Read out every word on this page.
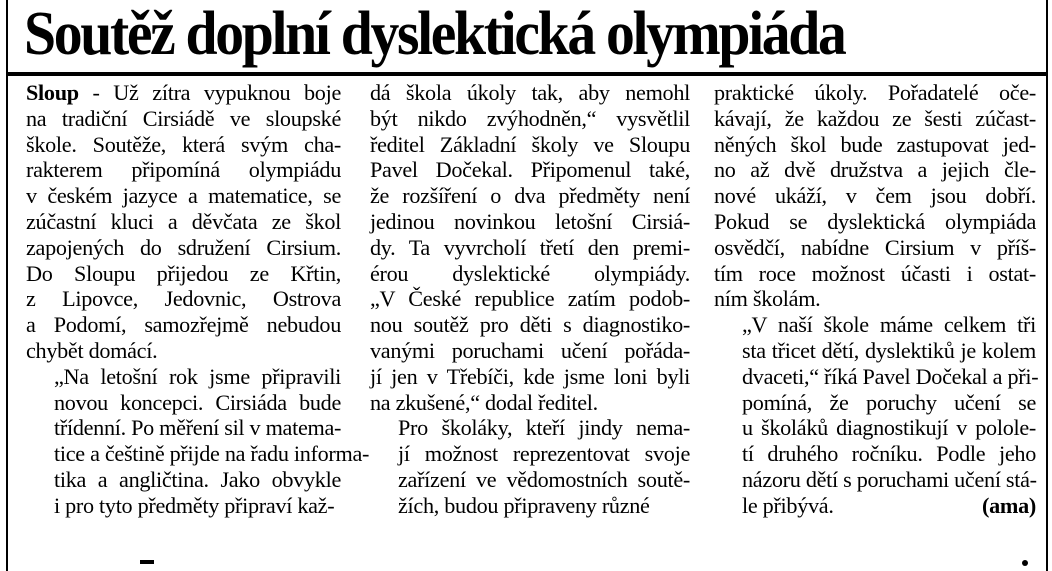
Soutěž doplní dyslektická olympiáda

Sloup - Už zítra vypuknou boje
na tradiční Cirsiádě ve sloupské
škole. Soutěže, která svým cha-
rakterem připomíná olympiádu
v českém jazyce a matematice, se
zúčastní kluci a děvčata ze škol
zapojených do sdružení Cirsium.
Do Sloupu přijedou ze Křtin,
z Lipovce, Jedovnic, Ostrova
a Podomí, samozřejmě nebudou
chybět domácí.

„Na letošní rok jsme připravili
novou koncepci. Cirsiáda bude
třídenní. Po měření sil v matema-
tice a češtině přijde na řadu informa-
tika a angličtina. Jako obvykle
i pro tyto předměty připraví kaž-

dá škola úkoly tak, aby nemohl
být nikdo zvýhodněn,“ vysvětlil
ředitel Základní školy ve Sloupu
Pavel Dočekal. Připomenul také,
že rozšíření o dva předměty není
jedinou novinkou letošní Cirsiá-
dy. Ta vyvrcholí třetí den premi-
érou dyslektické olympiády.
„V České republice zatím podob-
nou soutěž pro děti s diagnostiko-
vanými poruchami učení pořáda-
jí jen v Třebíči, kde jsme loni byli
na zkušené,“ dodal ředitel.

Pro školáky, kteří jindy nema-
jí možnost reprezentovat svoje
zařízení ve vědomostních soutě-
žích, budou připraveny různé

praktické úkoly. Pořadatelé oče-
kávají, že každou ze šesti zúčast-
něných škol bude zastupovat jed-
no až dvě družstva a jejich čle-
nové ukáží, v čem jsou dobří.
Pokud se dyslektická olympiáda
osvědčí, nabídne Cirsium v příš-
tím roce možnost účasti i ostat-
ním školám.

„V naší škole máme celkem tři
sta třicet dětí, dyslektiků je kolem
dvaceti,“ říká Pavel Dočekal a při-
pomíná, že poruchy učení se
u školáků diagnostikují v polole-
tí druhého ročníku. Podle jeho
názoru dětí s poruchami učení stá-
le přibývá.	(ama)
